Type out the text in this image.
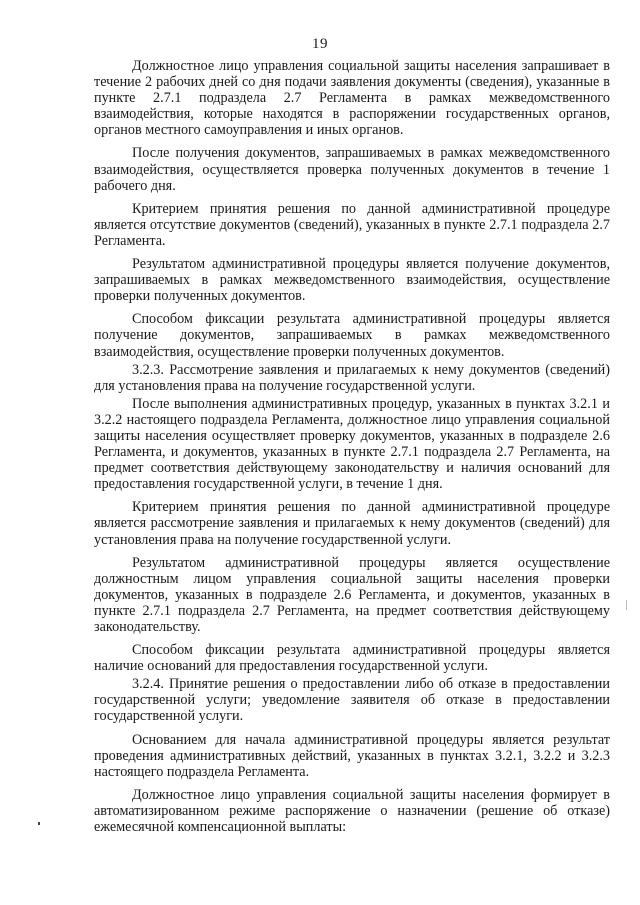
19

Должностное лицо управления социальной защиты населения запрашивает в течение 2 рабочих дней со дня подачи заявления документы (сведения), указанные в пункте 2.7.1 подраздела 2.7 Регламента в рамках межведомственного взаимодействия, которые находятся в распоряжении государственных органов, органов местного самоуправления и иных органов.

После получения документов, запрашиваемых в рамках межведомственного взаимодействия, осуществляется проверка полученных документов в течение 1 рабочего дня.

Критерием принятия решения по данной административной процедуре является отсутствие документов (сведений), указанных в пункте 2.7.1 подраздела 2.7 Регламента.

Результатом административной процедуры является получение документов, запрашиваемых в рамках межведомственного взаимодействия, осуществление проверки полученных документов.

Способом фиксации результата административной процедуры является получение документов, запрашиваемых в рамках межведомственного взаимодействия, осуществление проверки полученных документов.

3.2.3. Рассмотрение заявления и прилагаемых к нему документов (сведений) для установления права на получение государственной услуги.

После выполнения административных процедур, указанных в пунктах 3.2.1 и 3.2.2 настоящего подраздела Регламента, должностное лицо управления социальной защиты населения осуществляет проверку документов, указанных в подразделе 2.6 Регламента, и документов, указанных в пункте 2.7.1 подраздела 2.7 Регламента, на предмет соответствия действующему законодательству и наличия оснований для предоставления государственной услуги, в течение 1 дня.

Критерием принятия решения по данной административной процедуре является рассмотрение заявления и прилагаемых к нему документов (сведений) для установления права на получение государственной услуги.

Результатом административной процедуры является осуществление должностным лицом управления социальной защиты населения проверки документов, указанных в подразделе 2.6 Регламента, и документов, указанных в пункте 2.7.1 подраздела 2.7 Регламента, на предмет соответствия действующему законодательству.

Способом фиксации результата административной процедуры является наличие оснований для предоставления государственной услуги.

3.2.4. Принятие решения о предоставлении либо об отказе в предоставлении государственной услуги; уведомление заявителя об отказе в предоставлении государственной услуги.

Основанием для начала административной процедуры является результат проведения административных действий, указанных в пунктах 3.2.1, 3.2.2 и 3.2.3 настоящего подраздела Регламента.

Должностное лицо управления социальной защиты населения формирует в автоматизированном режиме распоряжение о назначении (решение об отказе) ежемесячной компенсационной выплаты:
